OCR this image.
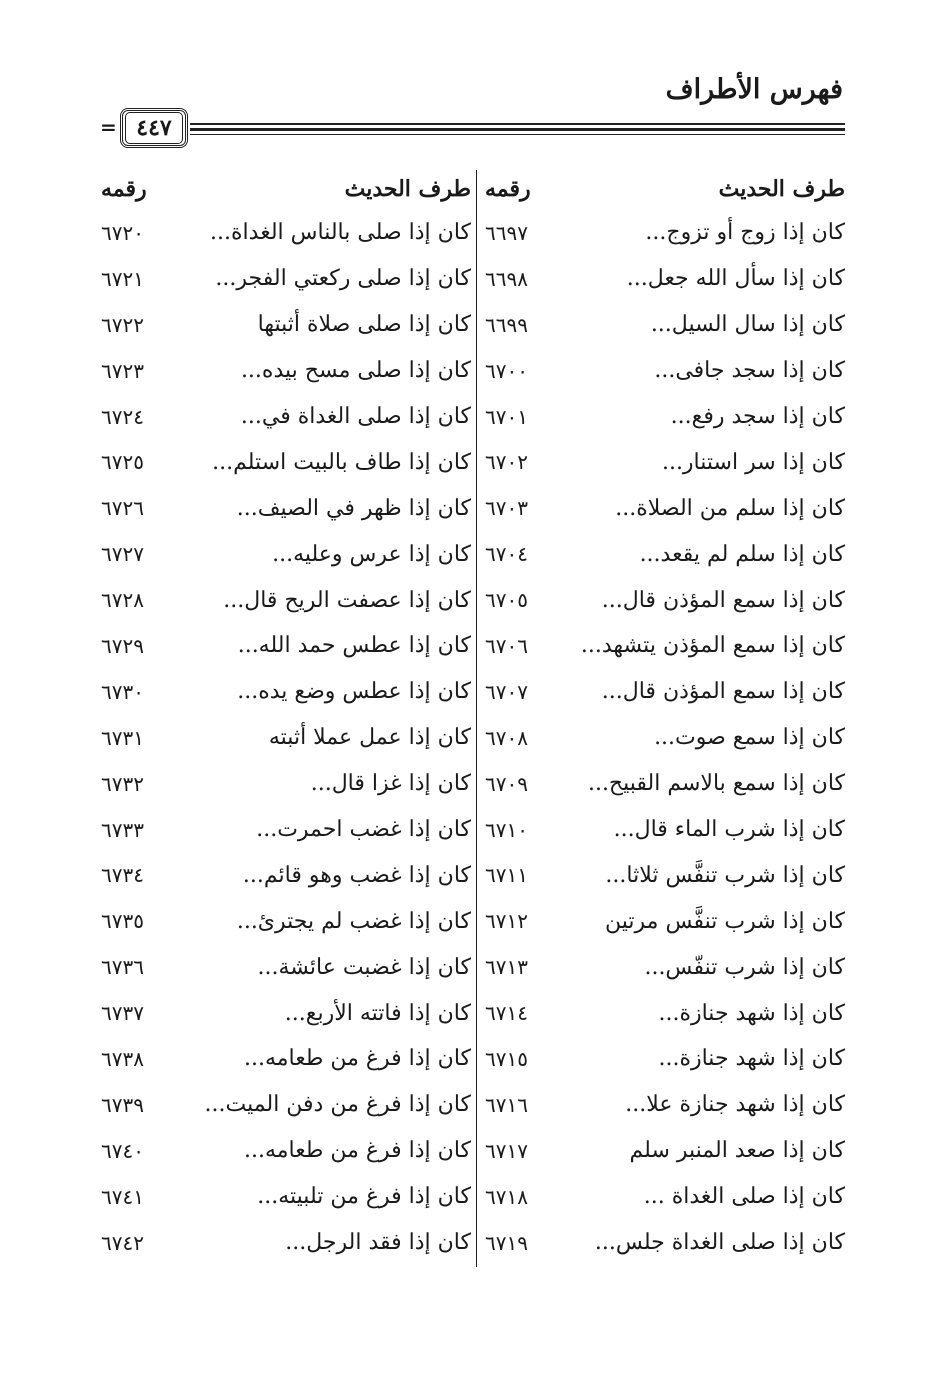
فهرس الأطراف
٤٤٧
=
طرف الحديث
رقمه
كان إذا زوج أو تزوج...
٦٦٩٧
كان إذا سأل الله جعل...
٦٦٩٨
كان إذا سال السيل...
٦٦٩٩
كان إذا سجد جافى...
٦٧٠٠
كان إذا سجد رفع...
٦٧٠١
كان إذا سر استنار...
٦٧٠٢
كان إذا سلم من الصلاة...
٦٧٠٣
كان إذا سلم لم يقعد...
٦٧٠٤
كان إذا سمع المؤذن قال...
٦٧٠٥
كان إذا سمع المؤذن يتشهد...
٦٧٠٦
كان إذا سمع المؤذن قال...
٦٧٠٧
كان إذا سمع صوت...
٦٧٠٨
كان إذا سمع بالاسم القبيح...
٦٧٠٩
كان إذا شرب الماء قال...
٦٧١٠
كان إذا شرب تنفَّس ثلاثا...
٦٧١١
كان إذا شرب تنفَّس مرتين
٦٧١٢
كان إذا شرب تنفّس...
٦٧١٣
كان إذا شهد جنازة...
٦٧١٤
كان إذا شهد جنازة...
٦٧١٥
كان إذا شهد جنازة علا...
٦٧١٦
كان إذا صعد المنبر سلم
٦٧١٧
كان إذا صلى الغداة ...
٦٧١٨
كان إذا صلى الغداة جلس...
٦٧١٩
طرف الحديث
رقمه
كان إذا صلى بالناس الغداة...
٦٧٢٠
كان إذا صلى ركعتي الفجر...
٦٧٢١
كان إذا صلى صلاة أثبتها
٦٧٢٢
كان إذا صلى مسح بيده...
٦٧٢٣
كان إذا صلى الغداة في...
٦٧٢٤
كان إذا طاف بالبيت استلم...
٦٧٢٥
كان إذا ظهر في الصيف...
٦٧٢٦
كان إذا عرس وعليه...
٦٧٢٧
كان إذا عصفت الريح قال...
٦٧٢٨
كان إذا عطس حمد الله...
٦٧٢٩
كان إذا عطس وضع يده...
٦٧٣٠
كان إذا عمل عملا أثبته
٦٧٣١
كان إذا غزا قال...
٦٧٣٢
كان إذا غضب احمرت...
٦٧٣٣
كان إذا غضب وهو قائم...
٦٧٣٤
كان إذا غضب لم يجترئ...
٦٧٣٥
كان إذا غضبت عائشة...
٦٧٣٦
كان إذا فاتته الأربع...
٦٧٣٧
كان إذا فرغ من طعامه...
٦٧٣٨
كان إذا فرغ من دفن الميت...
٦٧٣٩
كان إذا فرغ من طعامه...
٦٧٤٠
كان إذا فرغ من تلبيته...
٦٧٤١
كان إذا فقد الرجل...
٦٧٤٢
